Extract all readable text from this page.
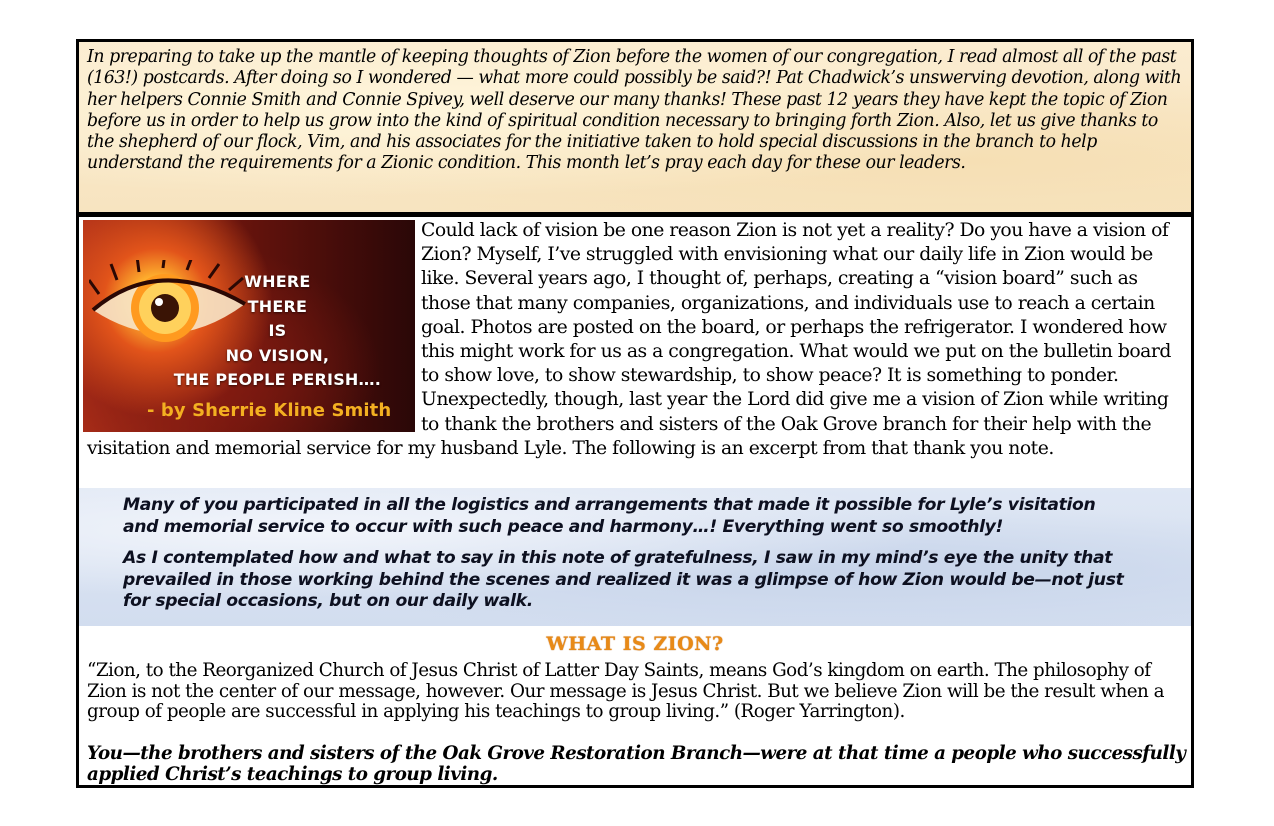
In preparing to take up the mantle of keeping thoughts of Zion before the women of our congregation, I read almost all of the past (163!) postcards. After doing so I wondered — what more could possibly be said?! Pat Chadwick’s unswerving devotion, along with her helpers Connie Smith and Connie Spivey, well deserve our many thanks! These past 12 years they have kept the topic of Zion before us in order to help us grow into the kind of spiritual condition necessary to bringing forth Zion. Also, let us give thanks to the shepherd of our flock, Vim, and his associates for the initiative taken to hold special discussions in the branch to help understand the requirements for a Zionic condition. This month let’s pray each day for these our leaders.

WHERE
THERE
IS
NO VISION,
THE PEOPLE PERISH….
- by Sherrie Kline Smith
Could lack of vision be one reason Zion is not yet a reality? Do you have a vision of Zion? Myself, I’ve struggled with envisioning what our daily life in Zion would be like. Several years ago, I thought of, perhaps, creating a “vision board” such as those that many companies, organizations, and individuals use to reach a certain goal. Photos are posted on the board, or perhaps the refrigerator. I wondered how this might work for us as a congregation. What would we put on the bulletin board to show love, to show stewardship, to show peace? It is something to ponder. Unexpectedly, though, last year the Lord did give me a vision of Zion while writing to thank the brothers and sisters of the Oak Grove branch for their help with the visitation and memorial service for my husband Lyle. The following is an excerpt from that thank you note.

Many of you participated in all the logistics and arrangements that made it possible for Lyle’s visitation and memorial service to occur with such peace and harmony…! Everything went so smoothly!

As I contemplated how and what to say in this note of gratefulness, I saw in my mind’s eye the unity that prevailed in those working behind the scenes and realized it was a glimpse of how Zion would be—not just for special occasions, but on our daily walk.

WHAT IS ZION?

“Zion, to the Reorganized Church of Jesus Christ of Latter Day Saints, means God’s kingdom on earth. The philosophy of Zion is not the center of our message, however. Our message is Jesus Christ. But we believe Zion will be the result when a group of people are successful in applying his teachings to group living.” (Roger Yarrington).

You—the brothers and sisters of the Oak Grove Restoration Branch—were at that time a people who successfully applied Christ’s teachings to group living.
